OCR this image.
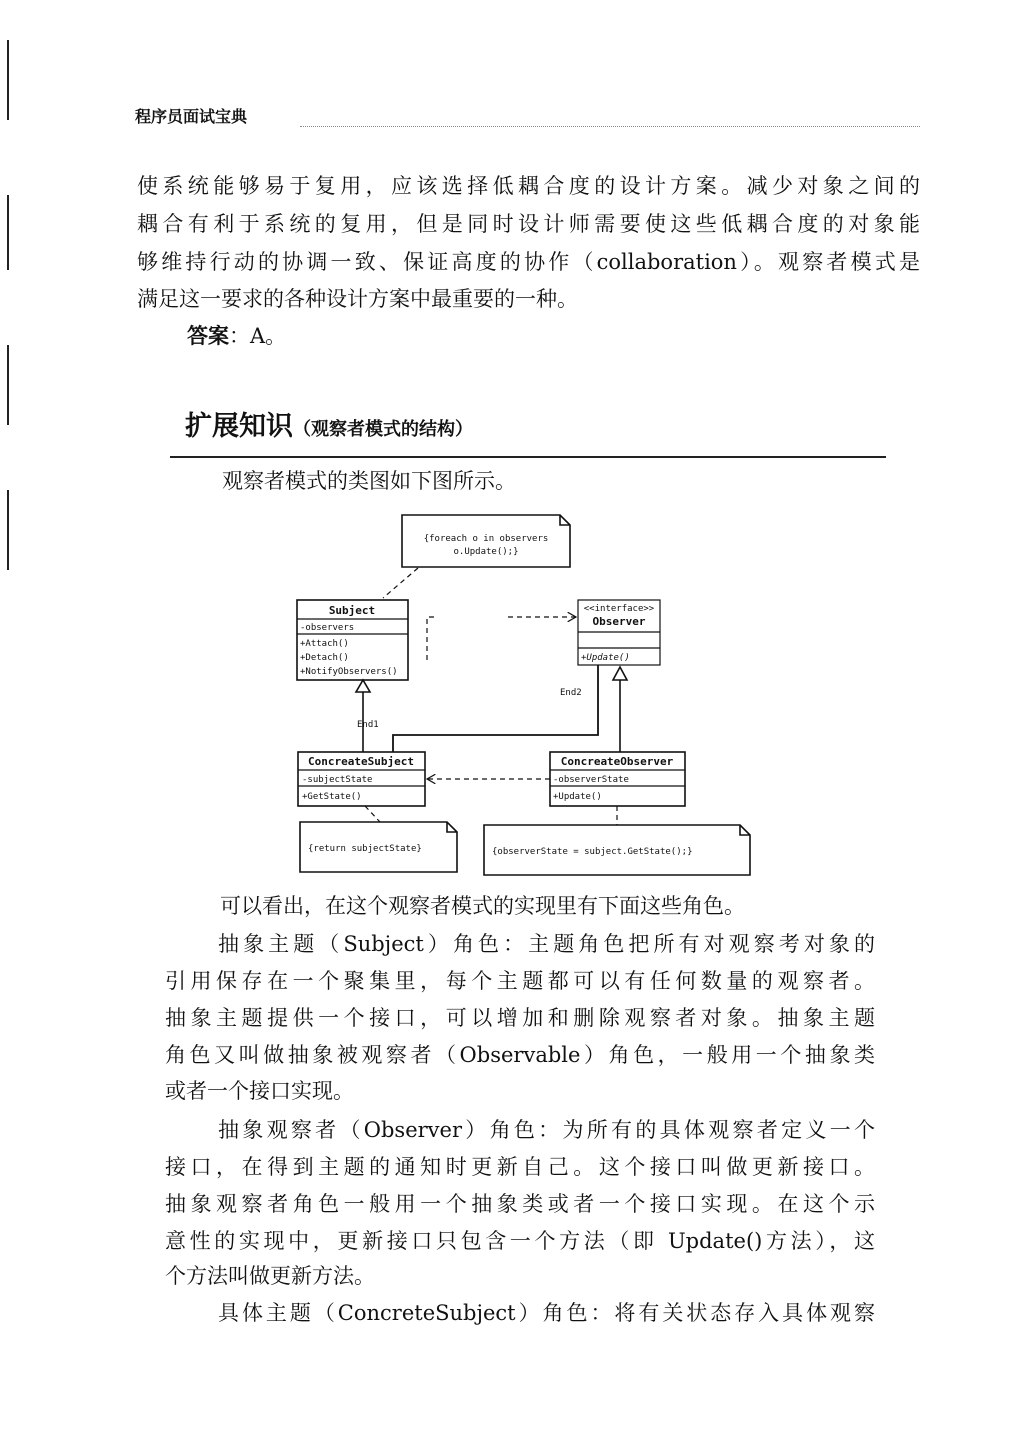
程序员面试宝典
使系统能够易于复用，应该选择低耦合度的设计方案。减少对象之间的
耦合有利于系统的复用，但是同时设计师需要使这些低耦合度的对象能
够维持行动的协调一致、保证高度的协作（collaboration）。观察者模式是
满足这一要求的各种设计方案中最重要的一种。
答案：A。
扩展知识（观察者模式的结构）
观察者模式的类图如下图所示。
{foreach o in observers
o.Update();}
Subject
-observers
+Attach()
+Detach()
+NotifyObservers()
<<interface>>
Observer
+Update()
ConcreateSubject
-subjectState
+GetState()
ConcreateObserver
-observerState
+Update()
End1
End2
{return subjectState}	{observerState = subject.GetState();}
可以看出，在这个观察者模式的实现里有下面这些角色。
抽象主题（Subject）角色：主题角色把所有对观察考对象的
引用保存在一个聚集里，每个主题都可以有任何数量的观察者。
抽象主题提供一个接口，可以增加和删除观察者对象。抽象主题
角色又叫做抽象被观察者（Observable）角色，一般用一个抽象类
或者一个接口实现。
抽象观察者（Observer）角色：为所有的具体观察者定义一个
接口，在得到主题的通知时更新自己。这个接口叫做更新接口。
抽象观察者角色一般用一个抽象类或者一个接口实现。在这个示
意性的实现中，更新接口只包含一个方法（即 Update()方法），这
个方法叫做更新方法。
具体主题（ConcreteSubject）角色：将有关状态存入具体观察
